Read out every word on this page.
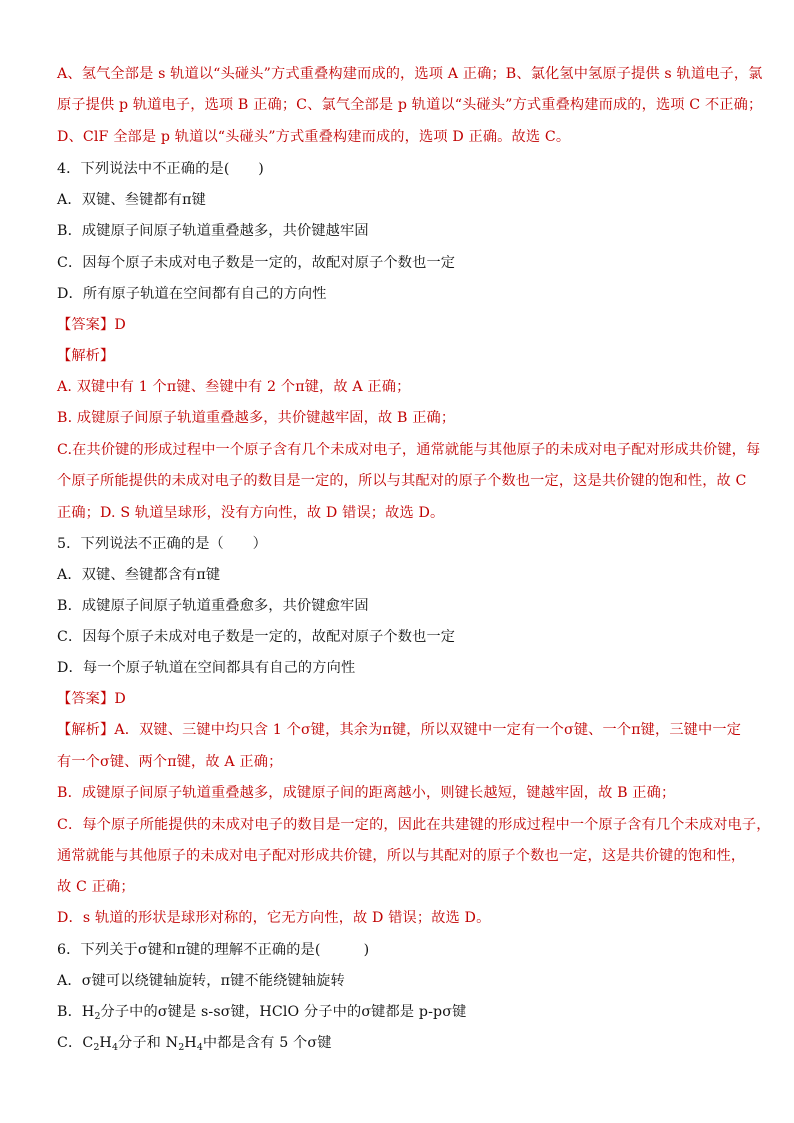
A、氢气全部是 s 轨道以“头碰头”方式重叠构建而成的，选项 A 正确；B、氯化氢中氢原子提供 s 轨道电子，氯
原子提供 p 轨道电子，选项 B 正确；C、氯气全部是 p 轨道以“头碰头”方式重叠构建而成的，选项 C 不正确；
D、ClF 全部是 p 轨道以“头碰头”方式重叠构建而成的，选项 D 正确。故选 C。
4．下列说法中不正确的是(　　)
A．双键、叁键都有π键
B．成键原子间原子轨道重叠越多，共价键越牢固
C．因每个原子未成对电子数是一定的，故配对原子个数也一定
D．所有原子轨道在空间都有自己的方向性
【答案】D
【解析】
A. 双键中有 1 个π键、叁键中有 2 个π键，故 A 正确；
B. 成键原子间原子轨道重叠越多，共价键越牢固，故 B 正确；
C.在共价键的形成过程中一个原子含有几个未成对电子，通常就能与其他原子的未成对电子配对形成共价键，每
个原子所能提供的未成对电子的数目是一定的，所以与其配对的原子个数也一定，这是共价键的饱和性，故 C
正确；D. S 轨道呈球形，没有方向性，故 D 错误；故选 D。
5．下列说法不正确的是（　　）
A．双键、叁键都含有π键
B．成键原子间原子轨道重叠愈多，共价键愈牢固
C．因每个原子未成对电子数是一定的，故配对原子个数也一定
D．每一个原子轨道在空间都具有自己的方向性
【答案】D
【解析】A．双键、三键中均只含 1 个σ键，其余为π键，所以双键中一定有一个σ键、一个π键，三键中一定
有一个σ键、两个π键，故 A 正确；
B．成键原子间原子轨道重叠越多，成键原子间的距离越小，则键长越短，键越牢固，故 B 正确；
C．每个原子所能提供的未成对电子的数目是一定的，因此在共建键的形成过程中一个原子含有几个未成对电子，
通常就能与其他原子的未成对电子配对形成共价键，所以与其配对的原子个数也一定，这是共价键的饱和性，
故 C 正确；
D．s 轨道的形状是球形对称的，它无方向性，故 D 错误；故选 D。
6．下列关于σ键和π键的理解不正确的是(　　　)
A．σ键可以绕键轴旋转，π键不能绕键轴旋转
B．$H_2$分子中的σ键是 s-sσ键，HClO 分子中的σ键都是 p-pσ键
C．$C_2H_4$分子和 $N_2H_4$中都是含有 5 个σ键
